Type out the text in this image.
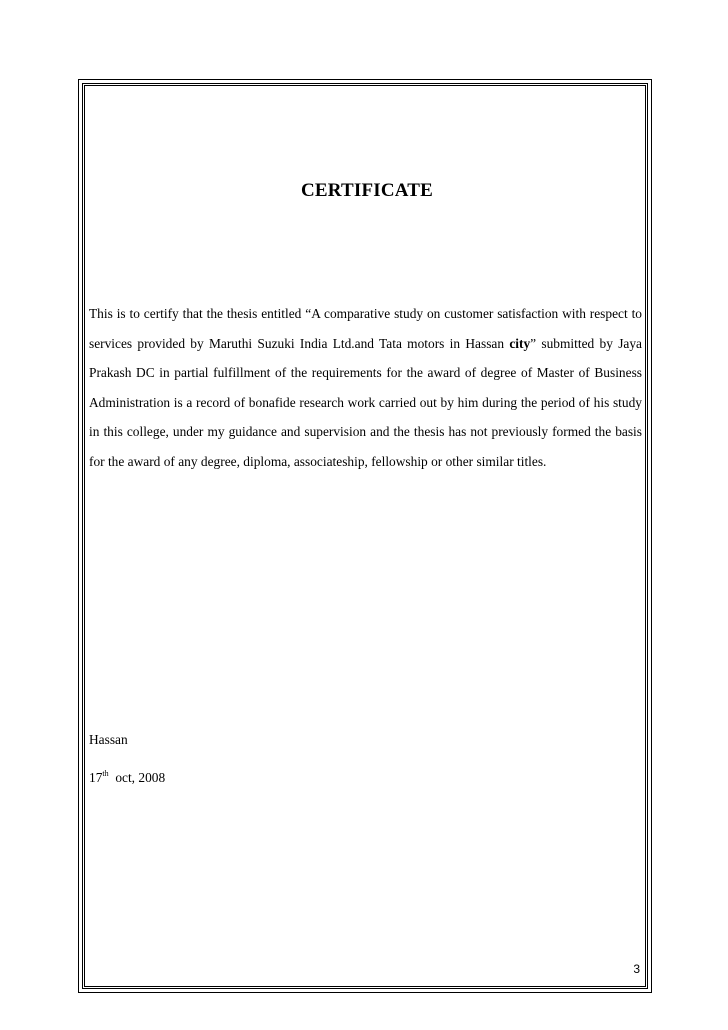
CERTIFICATE
This is to certify that the thesis entitled “A comparative study on customer satisfaction with respect to services provided by Maruthi Suzuki India Ltd.and Tata motors in Hassan city” submitted by Jaya Prakash DC in partial fulfillment of the requirements for the award of degree of Master of Business Administration is a record of bonafide research work carried out by him during the period of his study in this college, under my guidance and supervision and the thesis has not previously formed the basis for the award of any degree, diploma, associateship, fellowship or other similar titles.
Hassan
17th  oct, 2008
3
